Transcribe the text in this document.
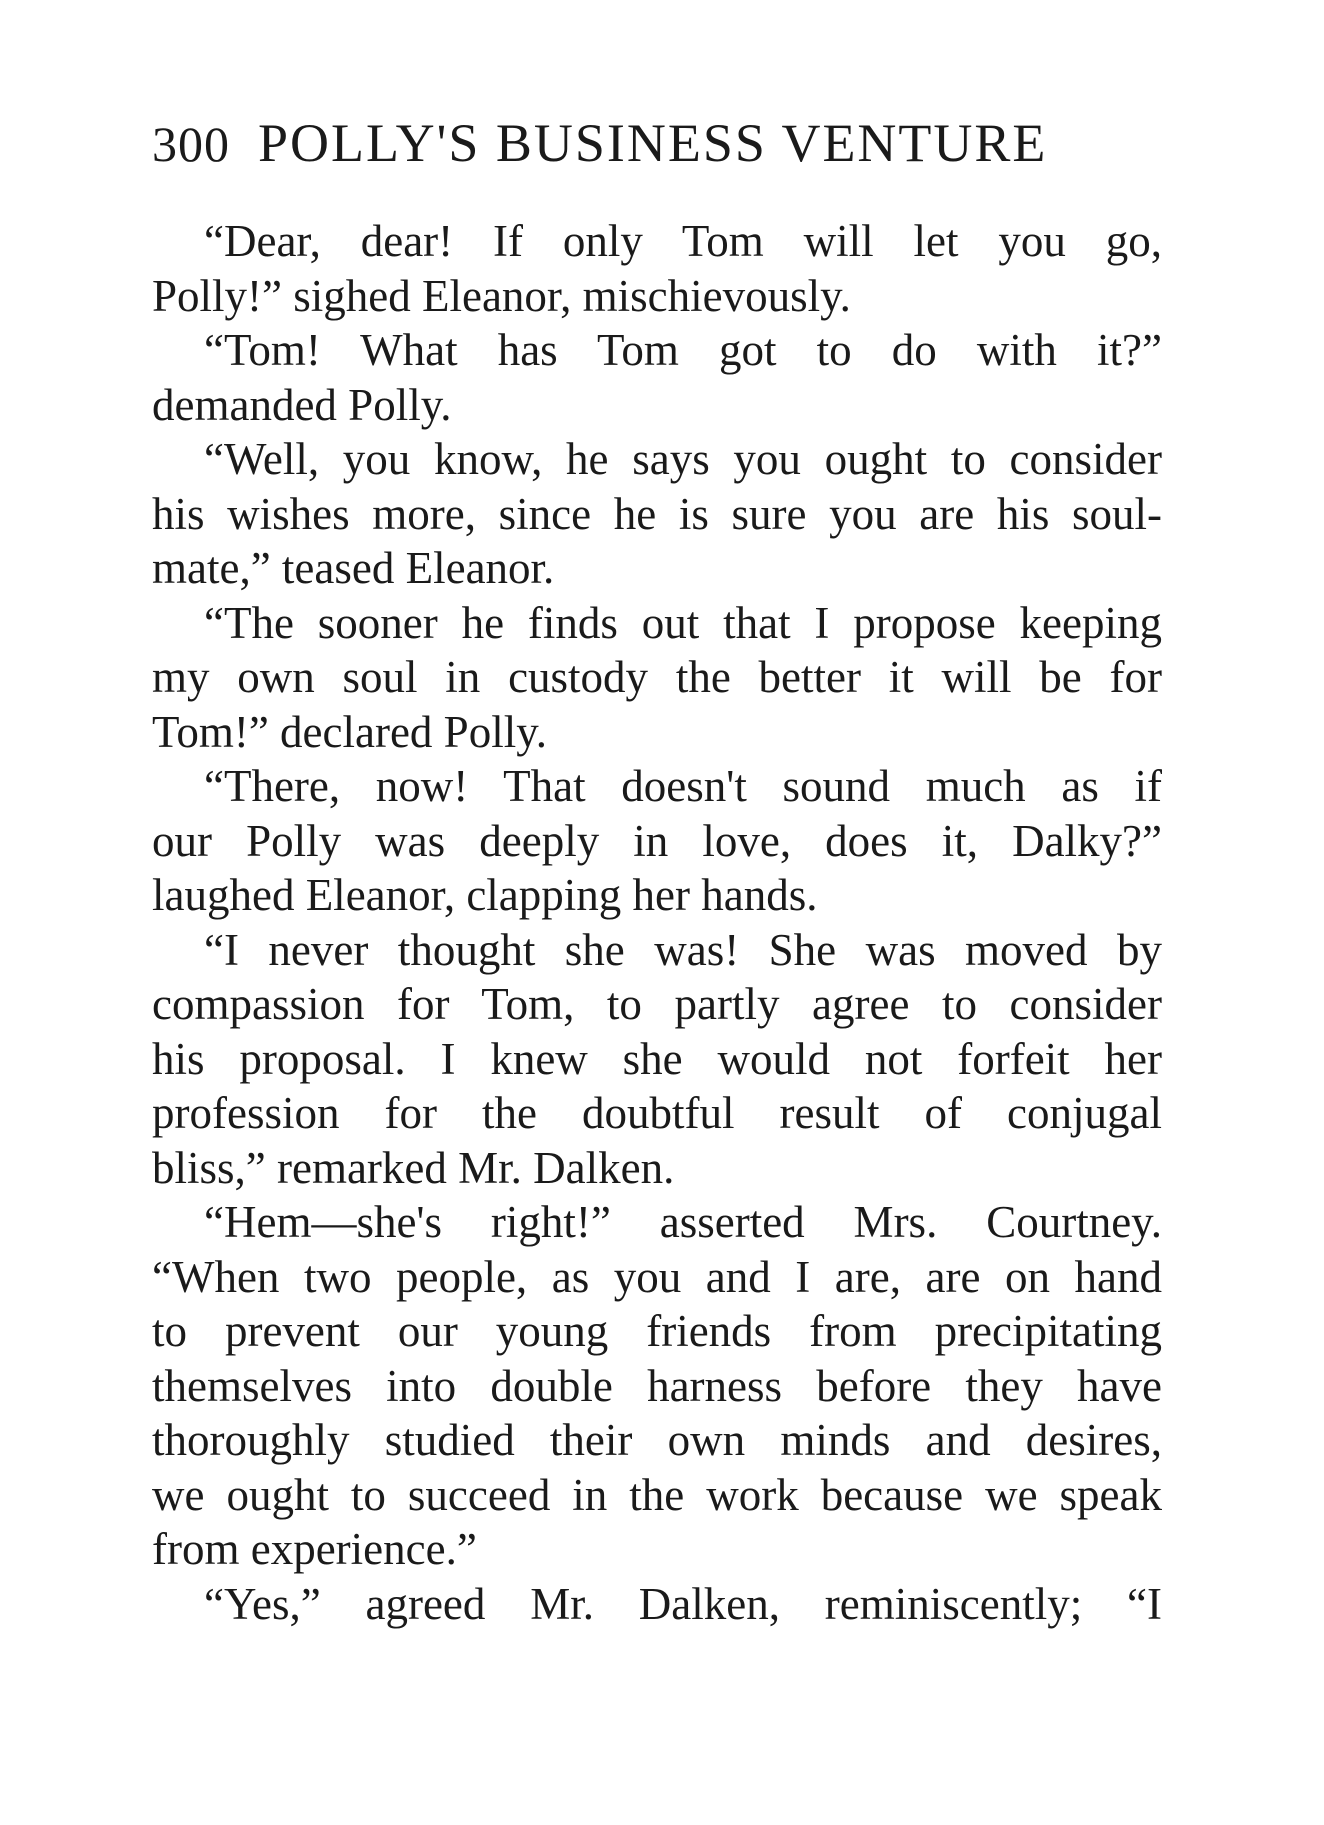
300 POLLY'S BUSINESS VENTURE
“Dear, dear! If only Tom will let you go,
Polly!” sighed Eleanor, mischievously.
“Tom! What has Tom got to do with it?”
demanded Polly.
“Well, you know, he says you ought to consider
his wishes more, since he is sure you are his soul-
mate,” teased Eleanor.
“The sooner he finds out that I propose keeping
my own soul in custody the better it will be for
Tom!” declared Polly.
“There, now! That doesn't sound much as if
our Polly was deeply in love, does it, Dalky?”
laughed Eleanor, clapping her hands.
“I never thought she was! She was moved by
compassion for Tom, to partly agree to consider
his proposal. I knew she would not forfeit her
profession for the doubtful result of conjugal
bliss,” remarked Mr. Dalken.
“Hem—she's right!” asserted Mrs. Courtney.
“When two people, as you and I are, are on hand
to prevent our young friends from precipitating
themselves into double harness before they have
thoroughly studied their own minds and desires,
we ought to succeed in the work because we speak
from experience.”
“Yes,” agreed Mr. Dalken, reminiscently; “I
